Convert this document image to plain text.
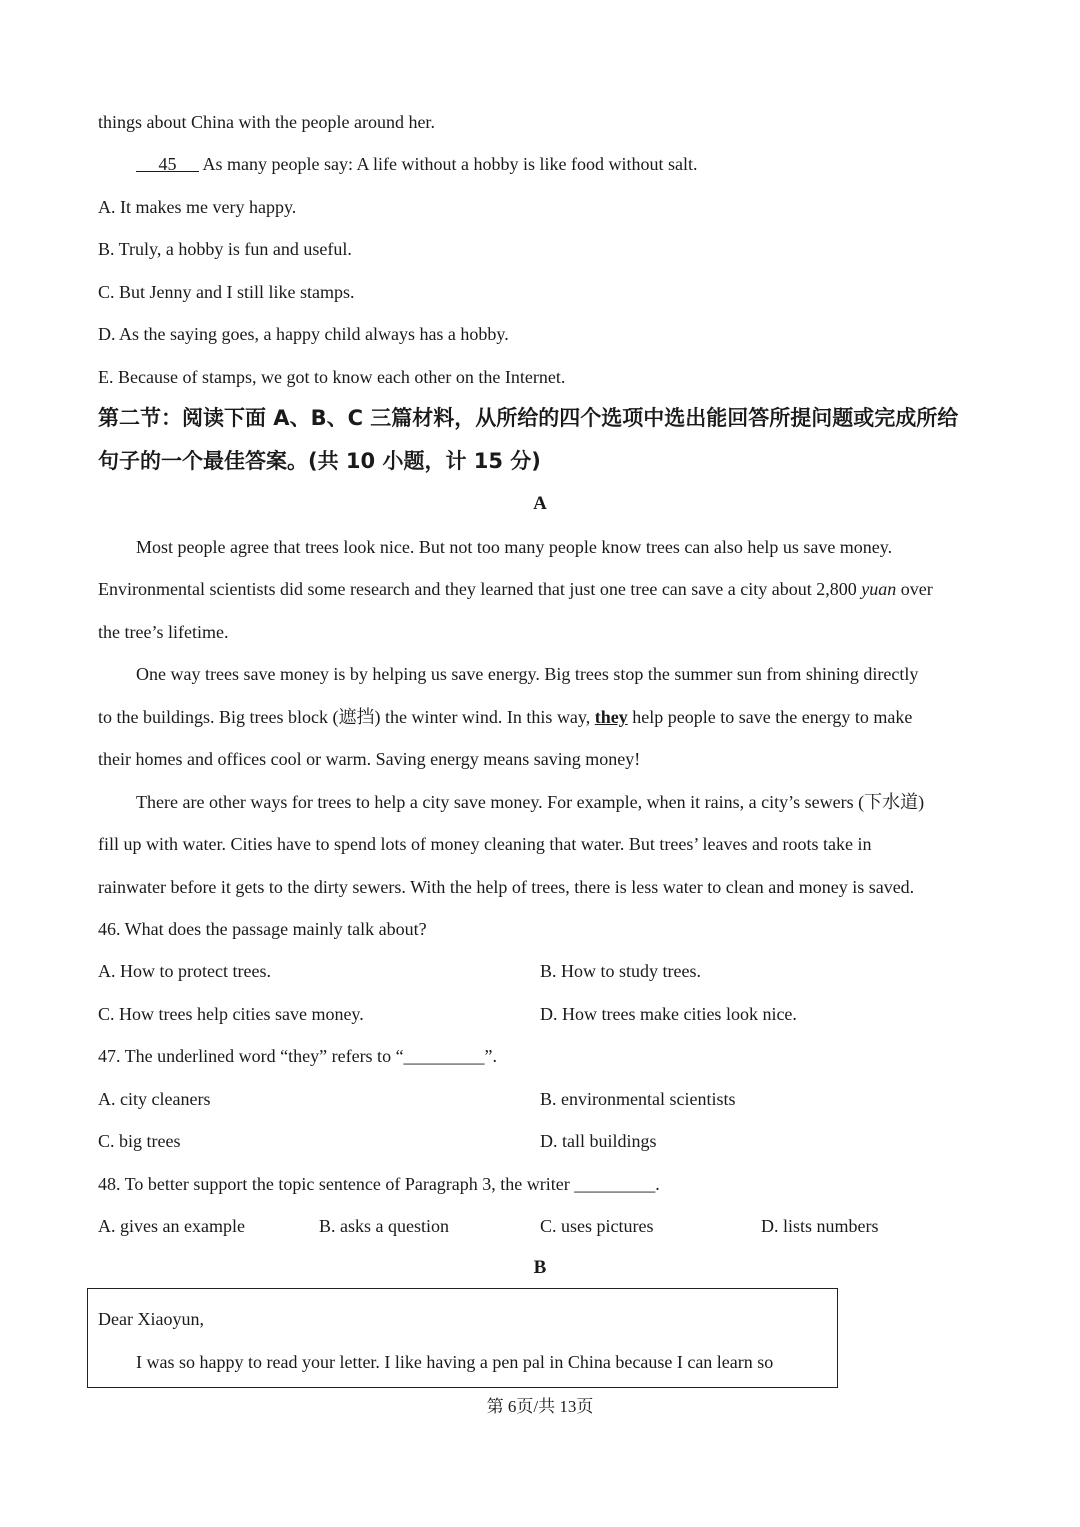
things about China with the people around her.
45 As many people say: A life without a hobby is like food without salt.
A. It makes me very happy.
B. Truly, a hobby is fun and useful.
C. But Jenny and I still like stamps.
D. As the saying goes, a happy child always has a hobby.
E. Because of stamps, we got to know each other on the Internet.
第二节：阅读下面 A、B、C 三篇材料，从所给的四个选项中选出能回答所提问题或完成所给
句子的一个最佳答案。(共 10 小题，计 15 分)
A
Most people agree that trees look nice. But not too many people know trees can also help us save money.
Environmental scientists did some research and they learned that just one tree can save a city about 2,800 yuan over
the tree’s lifetime.
One way trees save money is by helping us save energy. Big trees stop the summer sun from shining directly
to the buildings. Big trees block (遮挡) the winter wind. In this way, they help people to save the energy to make
their homes and offices cool or warm. Saving energy means saving money!
There are other ways for trees to help a city save money. For example, when it rains, a city’s sewers (下水道)
fill up with water. Cities have to spend lots of money cleaning that water. But trees’ leaves and roots take in
rainwater before it gets to the dirty sewers. With the help of trees, there is less water to clean and money is saved.
46. What does the passage mainly talk about?
A. How to protect trees.	B. How to study trees.
C. How trees help cities save money.	D. How trees make cities look nice.
47. The underlined word “they” refers to “_________”.
A. city cleaners	B. environmental scientists
C. big trees	D. tall buildings
48. To better support the topic sentence of Paragraph 3, the writer _________.
A. gives an example	B. asks a question	C. uses pictures	D. lists numbers
B
Dear Xiaoyun,
I was so happy to read your letter. I like having a pen pal in China because I can learn so
第 6页/共 13页
